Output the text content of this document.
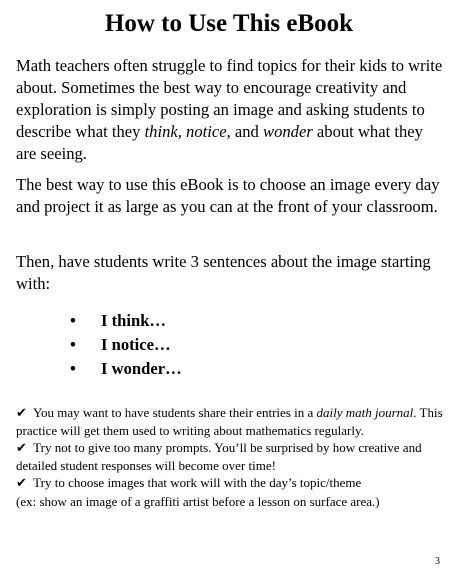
How to Use This eBook

Math teachers often struggle to find topics for their kids to write about. Sometimes the best way to encourage creativity and exploration is simply posting an image and asking students to describe what they think, notice, and wonder about what they are seeing.

The best way to use this eBook is to choose an image every day and project it as large as you can at the front of your classroom.

Then, have students write 3 sentences about the image starting with:

• I think…
• I notice…
• I wonder…

✔ You may want to have students share their entries in a daily math journal. This practice will get them used to writing about mathematics regularly.

✔ Try not to give too many prompts. You’ll be surprised by how creative and detailed student responses will become over time!

✔ Try to choose images that work will with the day’s topic/theme

(ex: show an image of a graffiti artist before a lesson on surface area.)

3
